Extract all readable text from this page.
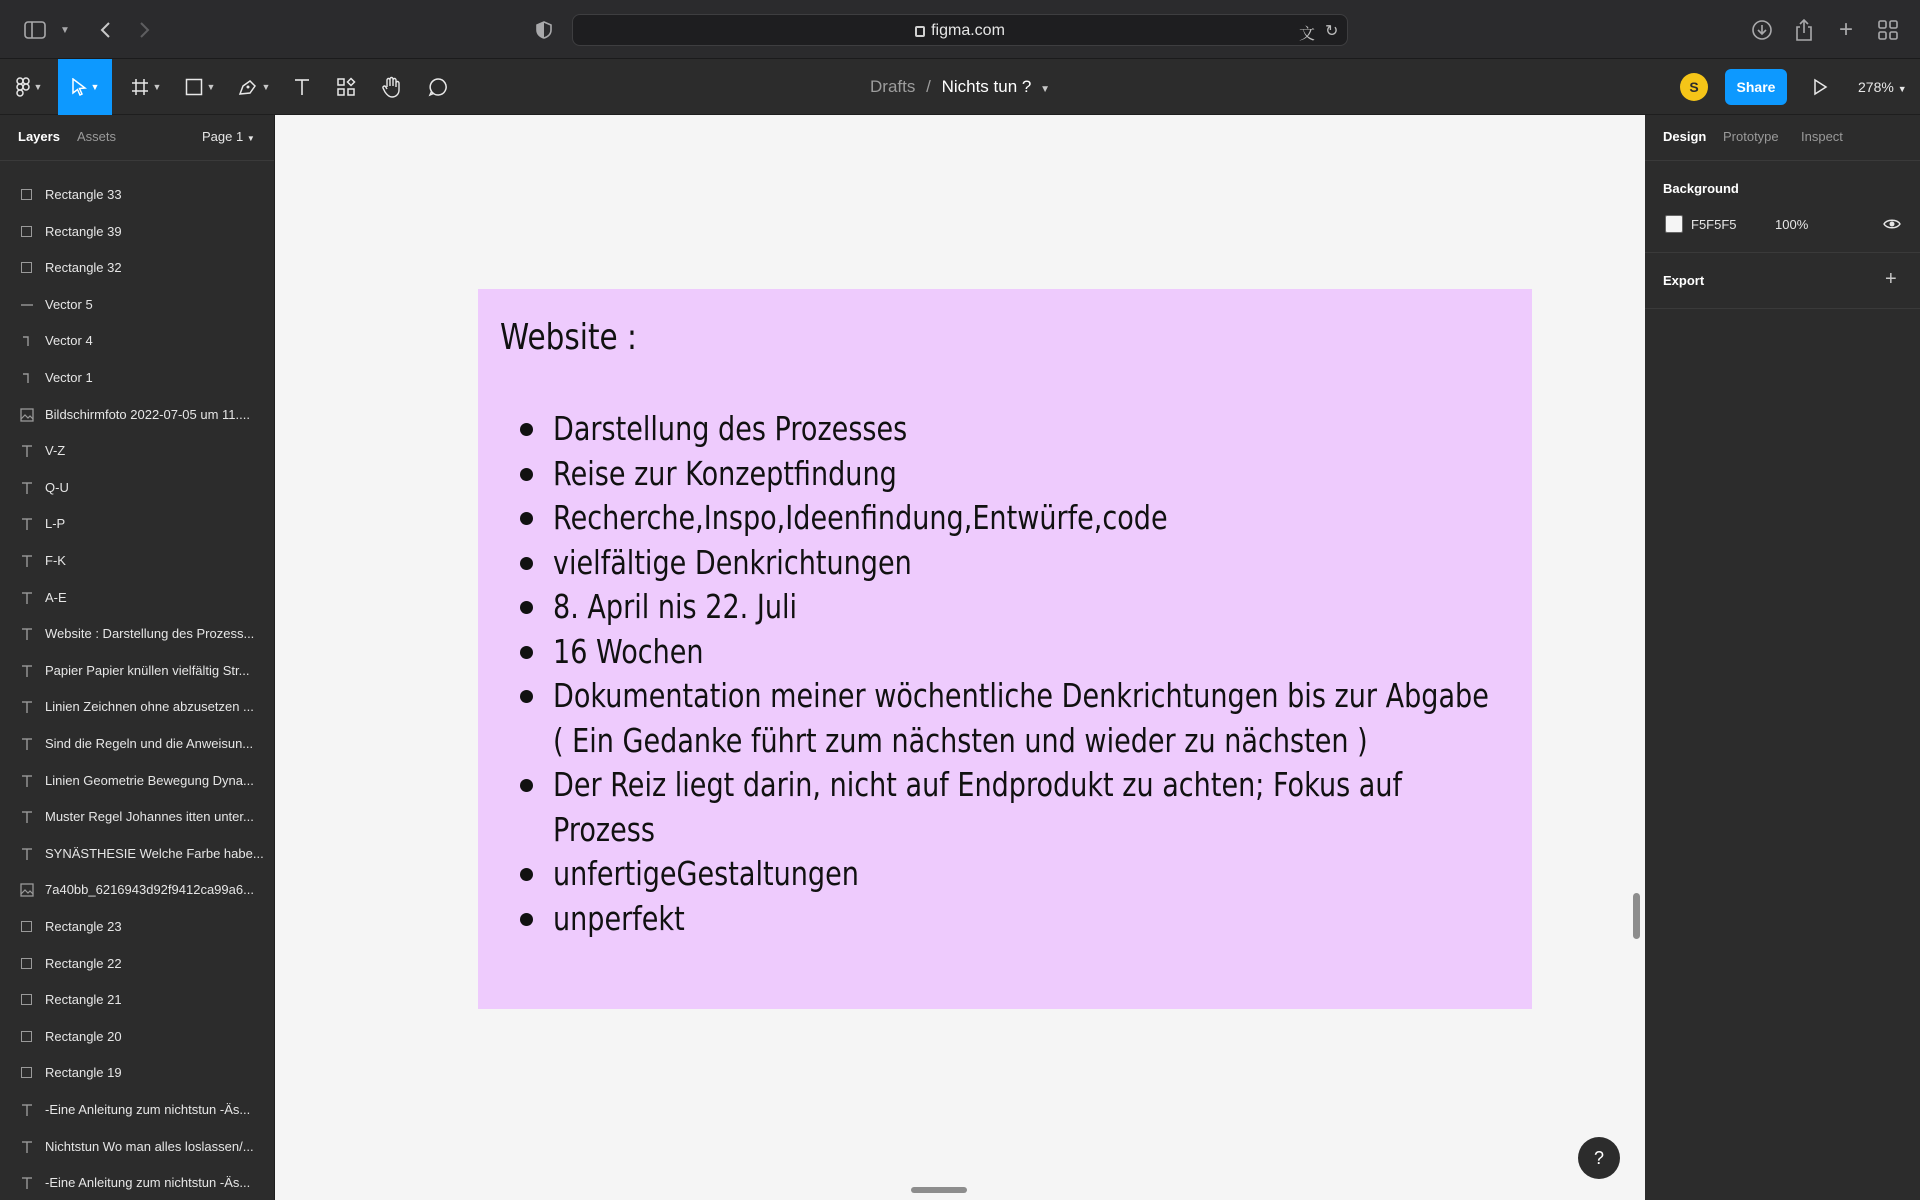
▼	figma.com	文 ↻	+
▼	▼	▼	▼	▼	Drafts / Nichts tun ? ▼	S	Share	278% ▼
Layers Assets	Page 1 ▼
Rectangle 33
Rectangle 39
Rectangle 32
Vector 5
Vector 4
Vector 1
Bildschirmfoto 2022-07-05 um 11....
V-Z
Q-U
L-P
F-K
A-E
Website : Darstellung des Prozess...
Papier Papier knüllen vielfältig Str...
Linien Zeichnen ohne abzusetzen ...
Sind die Regeln und die Anweisun...
Linien Geometrie Bewegung Dyna...
Muster Regel Johannes itten unter...
SYNÄSTHESIE Welche Farbe habe...
7a40bb_6216943d92f9412ca99a6...
Rectangle 23
Rectangle 22
Rectangle 21
Rectangle 20
Rectangle 19
-Eine Anleitung zum nichtstun -Äs...
Nichtstun Wo man alles loslassen/...
-Eine Anleitung zum nichtstun -Äs...
Website :
Darstellung des Prozesses
Reise zur Konzeptfindung
Recherche,Inspo,Ideenfindung,Entwürfe,code
vielfältige Denkrichtungen
8. April nis 22. Juli
16 Wochen
Dokumentation meiner wöchentliche Denkrichtungen bis zur Abgabe
( Ein Gedanke führt zum nächsten und wieder zu nächsten )
Der Reiz liegt darin, nicht auf Endprodukt zu achten; Fokus auf
Prozess
unfertigeGestaltungen
unperfekt
?
Design Prototype Inspect
Background
F5F5F5	100%
Export	+
